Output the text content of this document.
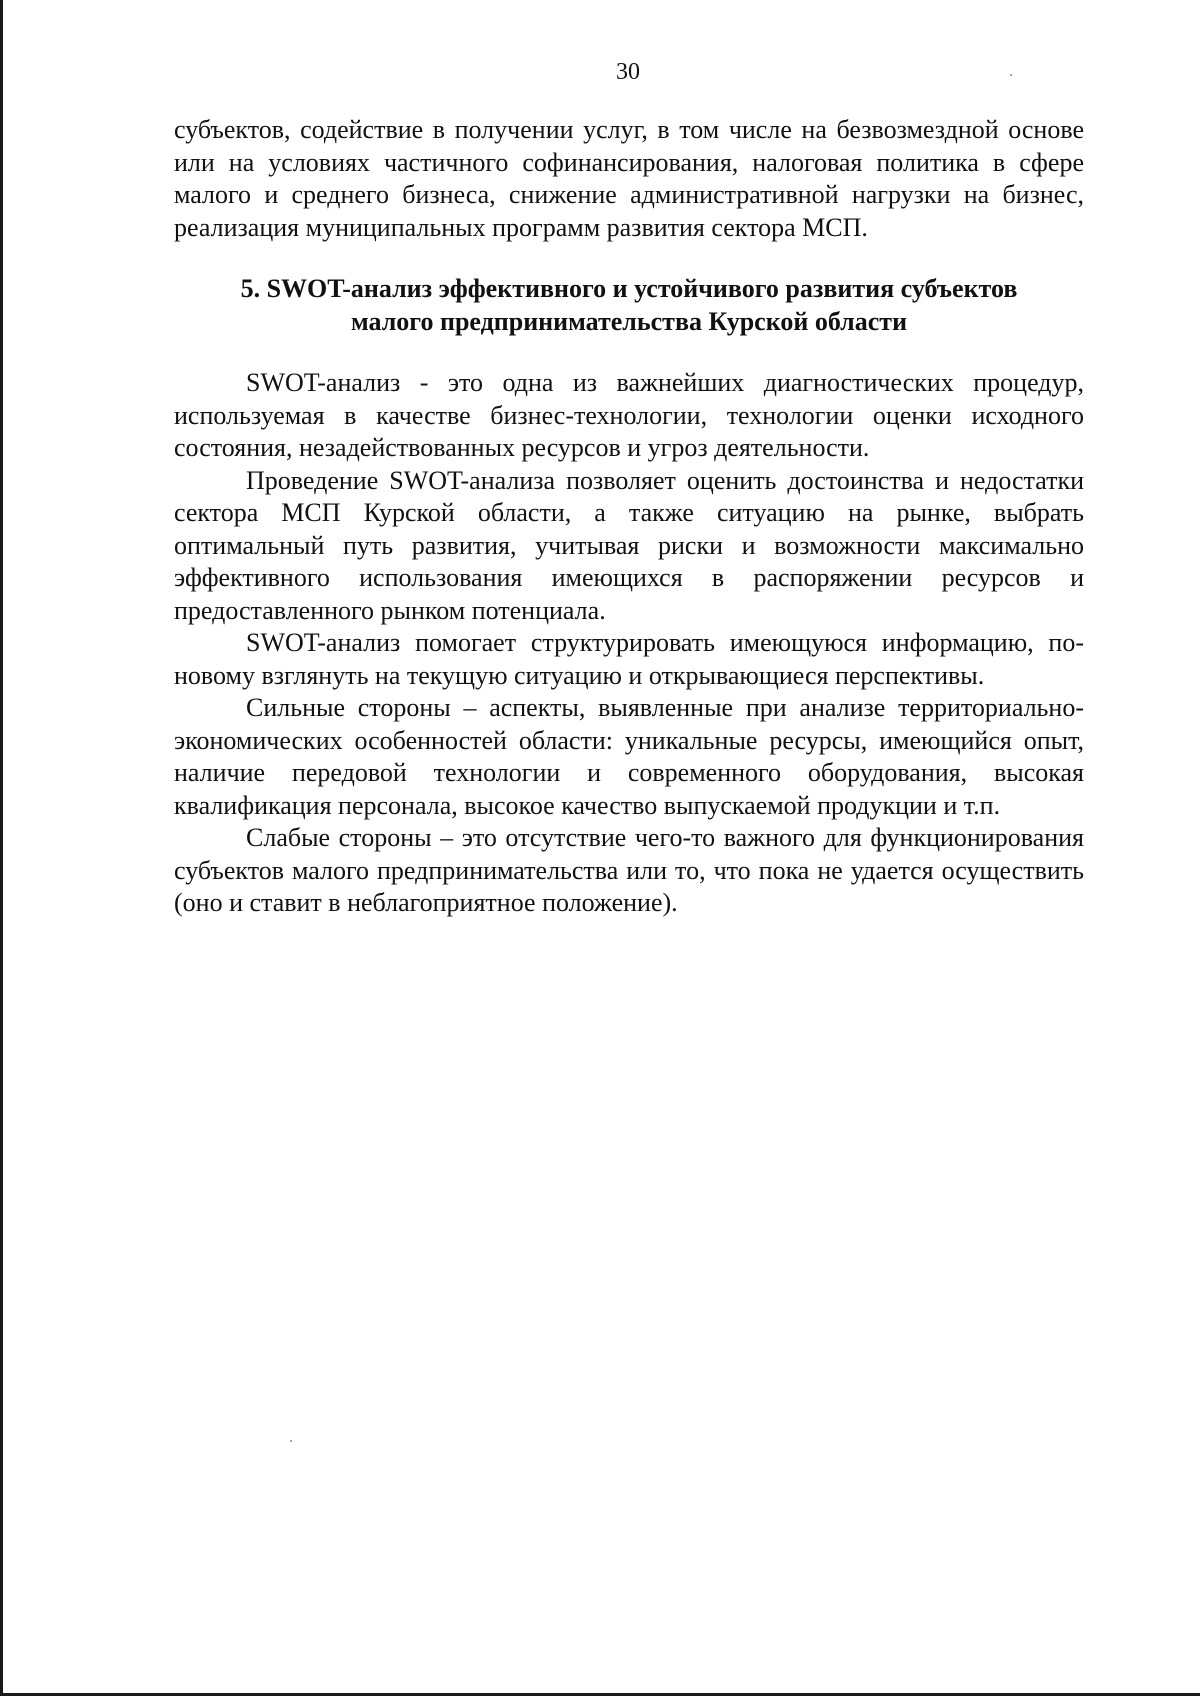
30

субъектов, содействие в получении услуг, в том числе на безвозмездной основе или на условиях частичного софинансирования, налоговая политика в сфере малого и среднего бизнеса, снижение административной нагрузки на бизнес, реализация муниципальных программ развития сектора МСП.

5. SWOT-анализ эффективного и устойчивого развития субъектов
малого предпринимательства Курской области

SWOT-анализ - это одна из важнейших диагностических процедур, используемая в качестве бизнес-технологии, технологии оценки исходного состояния, незадействованных ресурсов и угроз деятельности.

Проведение SWOT-анализа позволяет оценить достоинства и недостатки сектора МСП Курской области, а также ситуацию на рынке, выбрать оптимальный путь развития, учитывая риски и возможности максимально эффективного использования имеющихся в распоряжении ресурсов и предоставленного рынком потенциала.

SWOT-анализ помогает структурировать имеющуюся информацию, по-новому взглянуть на текущую ситуацию и открывающиеся перспективы.

Сильные стороны – аспекты, выявленные при анализе территориально-экономических особенностей области: уникальные ресурсы, имеющийся опыт, наличие передовой технологии и современного оборудования, высокая квалификация персонала, высокое качество выпускаемой продукции и т.п.

Слабые стороны – это отсутствие чего-то важного для функционирования субъектов малого предпринимательства или то, что пока не удается осуществить (оно и ставит в неблагоприятное положение).
